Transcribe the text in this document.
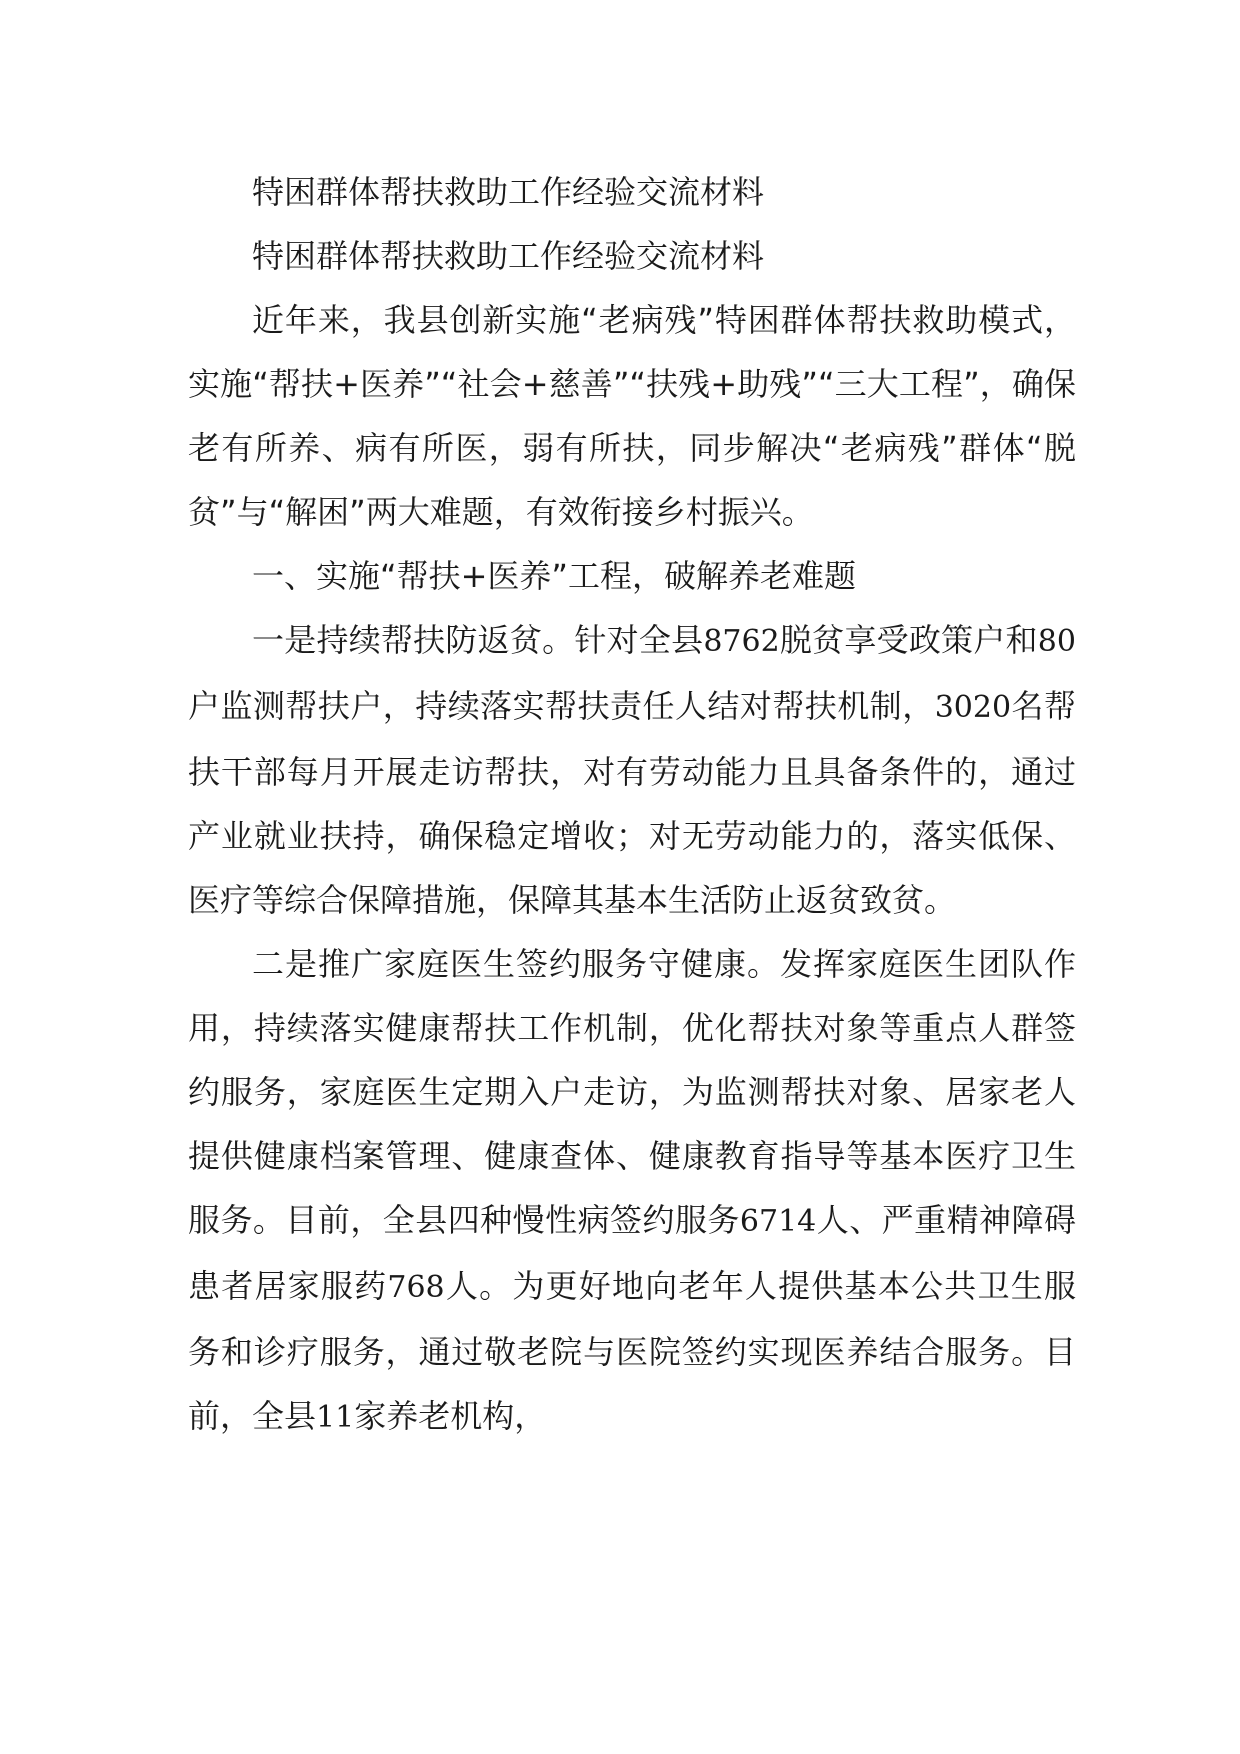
特困群体帮扶救助工作经验交流材料

特困群体帮扶救助工作经验交流材料

近年来，我县创新实施“老病残”特困群体帮扶救助模式，实施“帮扶+医养”“社会+慈善”“扶残+助残”“三大工程”，确保老有所养、病有所医，弱有所扶，同步解决“老病残”群体“脱贫”与“解困”两大难题，有效衔接乡村振兴。

一、实施“帮扶+医养”工程，破解养老难题

一是持续帮扶防返贫。针对全县8762脱贫享受政策户和80户监测帮扶户，持续落实帮扶责任人结对帮扶机制，3020名帮扶干部每月开展走访帮扶，对有劳动能力且具备条件的，通过产业就业扶持，确保稳定增收；对无劳动能力的，落实低保、医疗等综合保障措施，保障其基本生活防止返贫致贫。

二是推广家庭医生签约服务守健康。发挥家庭医生团队作用，持续落实健康帮扶工作机制，优化帮扶对象等重点人群签约服务，家庭医生定期入户走访，为监测帮扶对象、居家老人提供健康档案管理、健康查体、健康教育指导等基本医疗卫生服务。目前，全县四种慢性病签约服务6714人、严重精神障碍患者居家服药768人。为更好地向老年人提供基本公共卫生服务和诊疗服务，通过敬老院与医院签约实现医养结合服务。目前，全县11家养老机构，
